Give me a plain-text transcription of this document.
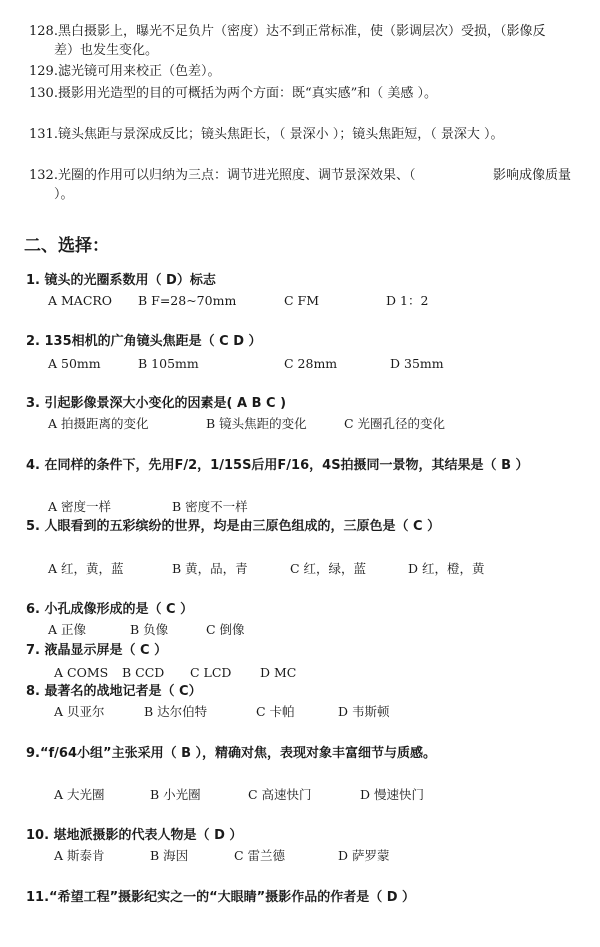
128.黑白摄影上，曝光不足负片（密度）达不到正常标准，使（影调层次）受损，（影像反
差）也发生变化。
129.滤光镜可用来校正（色差）。
130.摄影用光造型的目的可概括为两个方面：既“真实感”和（ 美感 ）。
131.镜头焦距与景深成反比；镜头焦距长，（ 景深小 ）；镜头焦距短，（ 景深大 ）。
132.光圈的作用可以归纳为三点：调节进光照度、调节景深效果、（	影响成像质量
）。
二、选择：
1. 镜头的光圈系数用（ D）标志
A MACRO B F=28~70mm	C FM	D 1：2
2. 135相机的广角镜头焦距是（ C D ）
A 50mm	B 105mm	C 28mm	D 35mm
3. 引起影像景深大小变化的因素是( A B C )
A 拍摄距离的变化	B 镜头焦距的变化	C 光圈孔径的变化
4. 在同样的条件下，先用F/2，1/15S后用F/16，4S拍摄同一景物，其结果是（ B ）
A 密度一样	B 密度不一样
5. 人眼看到的五彩缤纷的世界，均是由三原色组成的，三原色是（ C ）
A 红，黄，蓝	B 黄，品，青	C 红，绿，蓝	D 红，橙，黄
6. 小孔成像形成的是（ C ）
A 正像	B 负像	C 倒像
7. 液晶显示屏是（ C ）
A COMS B CCD C LCD D MC
8. 最著名的战地记者是（ C）
A 贝亚尔	B 达尔伯特	C 卡帕	D 韦斯顿
9.“f/64小组”主张采用（ B ），精确对焦，表现对象丰富细节与质感。
A 大光圈	B 小光圈	C 高速快门	D 慢速快门
10. 堪地派摄影的代表人物是（ D ）
A 斯泰肯	B 海因	C 雷兰德	D 萨罗蒙
11.“希望工程”摄影纪实之一的“大眼睛”摄影作品的作者是（ D ）
